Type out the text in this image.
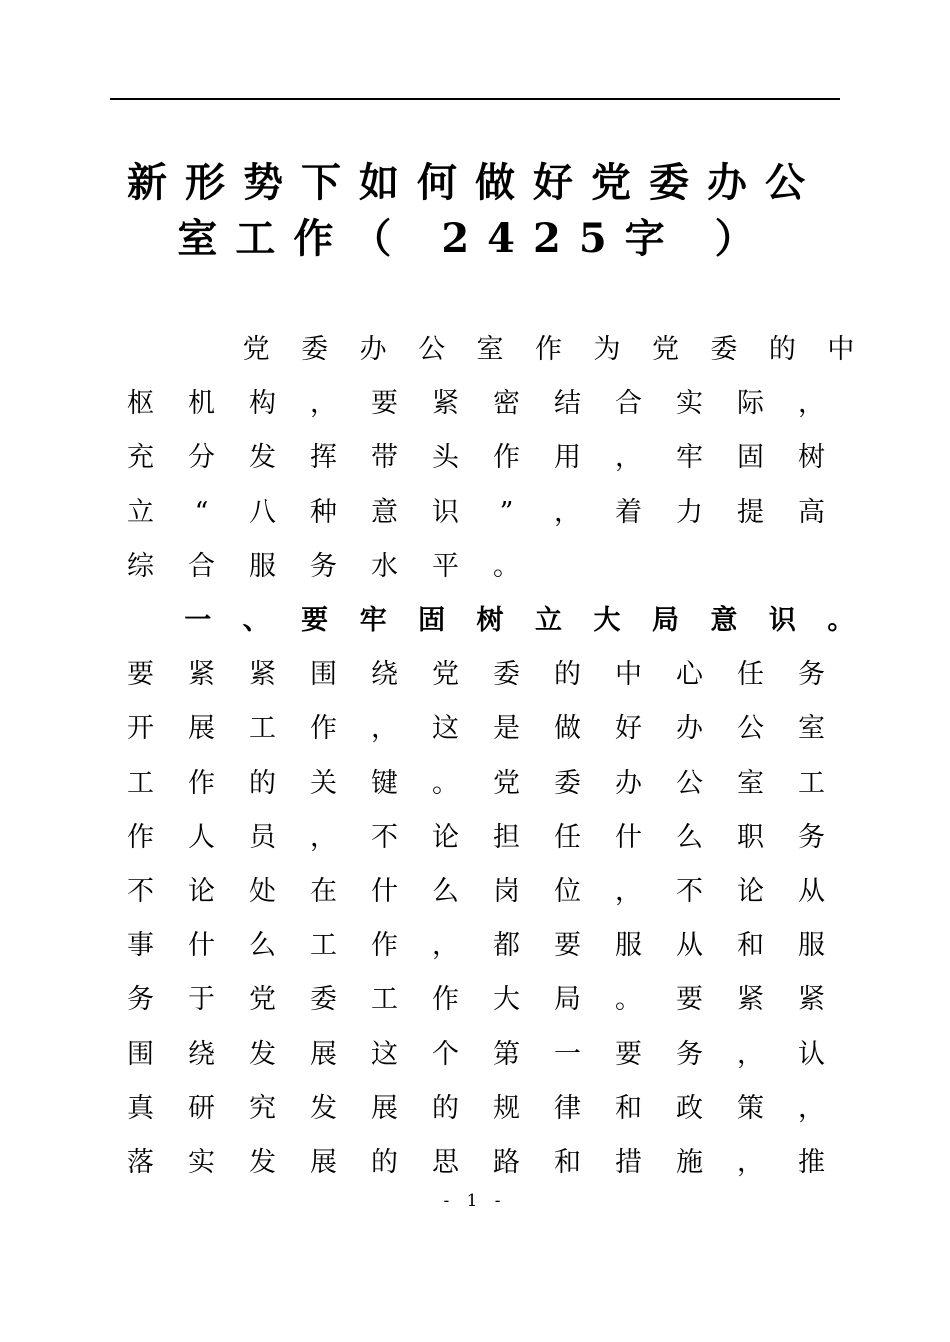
新形势下如何做好党委办公
室工作（ 2425字 ）

党	委	办	公	室	作	为	党	委	的	中
枢	机	构	，	要	紧	密	结	合	实	际	，
充	分	发	挥	带	头	作	用	，	牢	固	树
立	“	八	种	意	识	”	，	着	力	提	高
综	合	服	务	水	平	。

一	、	要	牢	固	树	立	大	局	意	识	。
要	紧	紧	围	绕	党	委	的	中	心	任	务
开	展	工	作	，	这	是	做	好	办	公	室
工	作	的	关	键	。	党	委	办	公	室	工
作	人	员	，	不	论	担	任	什	么	职	务
不	论	处	在	什	么	岗	位	，	不	论	从
事	什	么	工	作	，	都	要	服	从	和	服
务	于	党	委	工	作	大	局	。	要	紧	紧
围	绕	发	展	这	个	第	一	要	务	，	认
真	研	究	发	展	的	规	律	和	政	策	，
落	实	发	展	的	思	路	和	措	施	，	推
- 1 -
